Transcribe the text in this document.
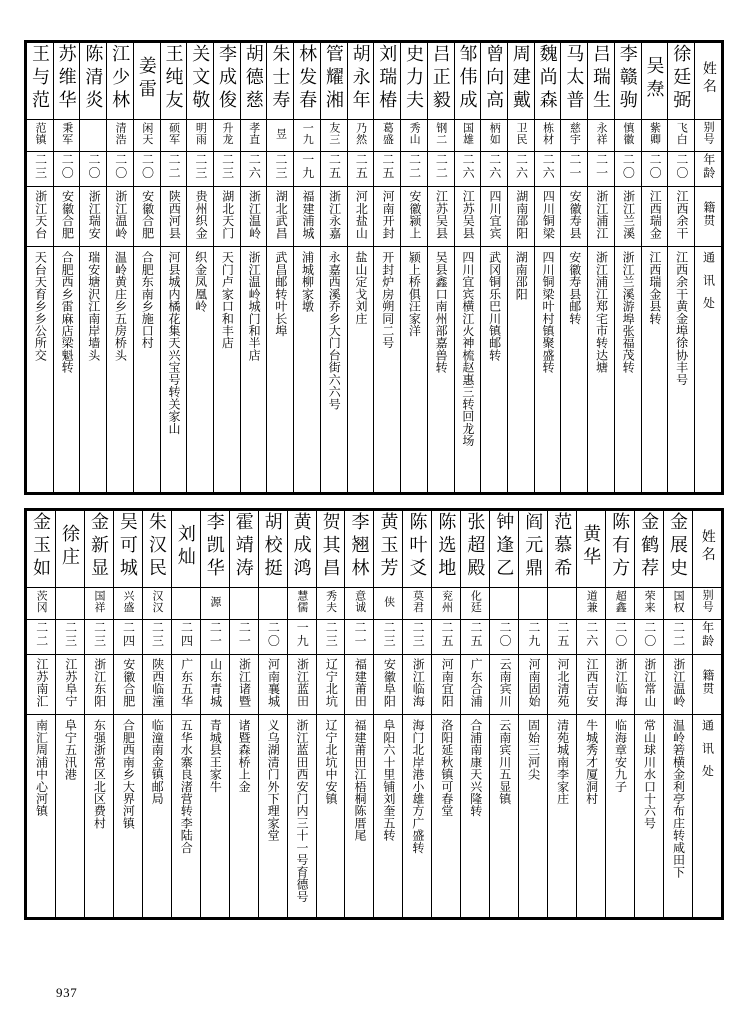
王与范	苏维华	陈清炎	江少林	姜雷	王纯友	关文敬	李成俊	胡德慈	朱士寿	林发春	管耀湘	胡永年	刘瑞椿	史力夫	吕正毅	邹伟成	曾向高	周建戴	魏尚森	马太普	吕瑞生	李赣驹	吴焘	徐廷弼	姓名
范镇	秉军		清浩	闲天	硕军	明雨	升龙	孝直	昱	一九	友三	乃然	葛盛	秀山	钢二	国雄	柄如	卫民	栋材	慈宇	永祥	慎徽	紫卿	飞白	别号
二三	二〇	二〇	二〇	二〇	二二	二三	二三	二六	二三	一九	二五	二五	二五	二二	二二	二六	二六	二六	二六	二一	二一	二〇	二〇	二〇	年龄
浙江天台	安徽合肥	浙江瑞安	浙江温岭	安徽合肥	陕西河县	贵州织金	湖北天门	浙江温岭	湖北武昌	福建浦城	浙江永嘉	河北盐山	河南开封	安徽颍上	江苏吴县	江苏吴县	四川宜宾	湖南邵阳	四川铜梁	安徽寿县	浙江浦江	浙江兰溪	江西瑞金	江西余干	籍贯
天台天育乡乡公所交	合肥西乡雷麻店梁魁转	瑞安塘沢江南岸墙头	温岭黄庄乡五房桥头	合肥东南乡施口村	河县城内橘花集天兴宝号转关家山	织金凤凰岭	天门卢家口和丰店	浙江温岭城门和半店	武昌邮转叶长埠	浦城柳家墩	永嘉西溪乔乡大门台街六六号	盐山定戈刘庄	开封炉房朔同二号	颍上桥俱汪家洋	吴县鑫口南州部嘉兽转	四川宜宾横江火神梳赵惠三转回龙场	武冈铜乐巴川镇邮转	湖南邵阳	四川铜梁叶村镇聚盛转	安徽寿县邮转	浙江浦江郑宅市转达塘	浙江兰溪游埠张福茂转	江西瑞金县转	江西余干黄金埠徐协丰号	通讯处
金玉如	徐庄	金新显	吴可城	朱汉民	刘灿	李凯华	霍靖涛	胡校挺	黄成鸿	贺其昌	李翘林	黄玉芳	陈叶爻	陈选地	张超殿	钟逢乙	阎元鼎	范慕希	黄华	陈有方	金鹤荐	金展史	姓名
茨冈		国祥	兴盛	汉汉		源			慧儒	秀夫	意诚	侠	莫君	兖州	化廷				道兼	超鑫	荣来	国权	别号
二二	二三	二三	二四	二三	二四	二一	二一	二〇	一九	二三	二一	二三	二三	二五	二五	二〇	二九	二五	二六	二〇	二〇	二二	年龄
江苏南汇	江苏阜宁	浙江东阳	安徽合肥	陕西临潼	广东五华	山东青城	浙江诸暨	河南襄城	浙江蓝田	辽宁北坑	福建莆田	安徽阜阳	浙江临海	河南宜阳	广东合浦	云南宾川	河南固始	河北清苑	江西吉安	浙江临海	浙江常山	浙江温岭	籍贯
南汇周浦中心河镇	阜宁五汛港	东强浙常区北区费村	合肥西南乡大界河镇	临潼南金镇邮局	五华水寨良渚营转李陆合	青城县王家牛	诸暨森桥上金	义乌湖清门外下理家堂	浙江蓝田西安门内三十一号育德号	辽宁北坑中安镇	福建莆田江梧桐陈厝尾	阜阳六十里铺刘奎五转	海门北岸港小雄方广盛转	洛阳延秋镇可春堂	合浦南康天兴隆转	云南宾川五显镇	固始三河尖	清苑城南李家庄	牛城秀才厦洞村	临海章安九子	常山球川水口十六号	温岭箬横金利亭布庄转咸田下	通讯处
937
